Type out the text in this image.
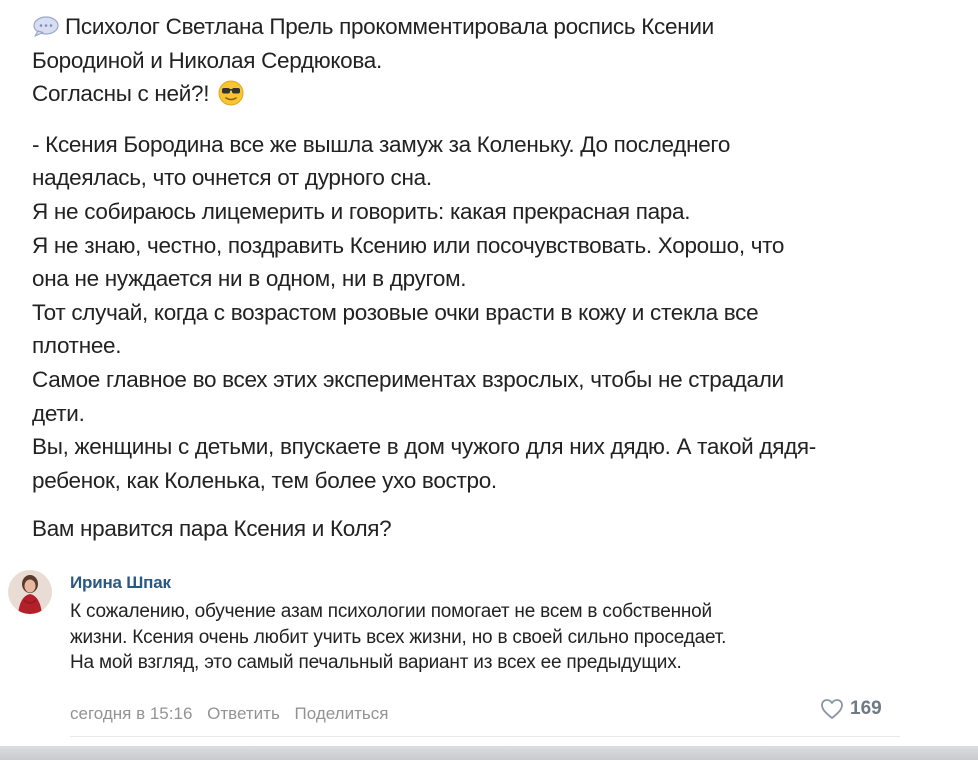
Психолог Светлана Прель прокомментировала роспись Ксении
Бородиной и Николая Сердюкова.
Согласны с ней?!

- Ксения Бородина все же вышла замуж за Коленьку. До последнего
надеялась, что очнется от дурного сна.
Я не собираюсь лицемерить и говорить: какая прекрасная пара.
Я не знаю, честно, поздравить Ксению или посочувствовать. Хорошо, что
она не нуждается ни в одном, ни в другом.
Тот случай, когда с возрастом розовые очки врасти в кожу и стекла все
плотнее.
Самое главное во всех этих экспериментах взрослых, чтобы не страдали
дети.
Вы, женщины с детьми, впускаете в дом чужого для них дядю. А такой дядя-
ребенок, как Коленька, тем более ухо востро.

Вам нравится пара Ксения и Коля?

Ирина Шпак

К сожалению, обучение азам психологии помогает не всем в собственной

жизни. Ксения очень любит учить всех жизни, но в своей сильно проседает.

На мой взгляд, это самый печальный вариант из всех ее предыдущих.

сегодня в 15:16 Ответить Поделиться	169
